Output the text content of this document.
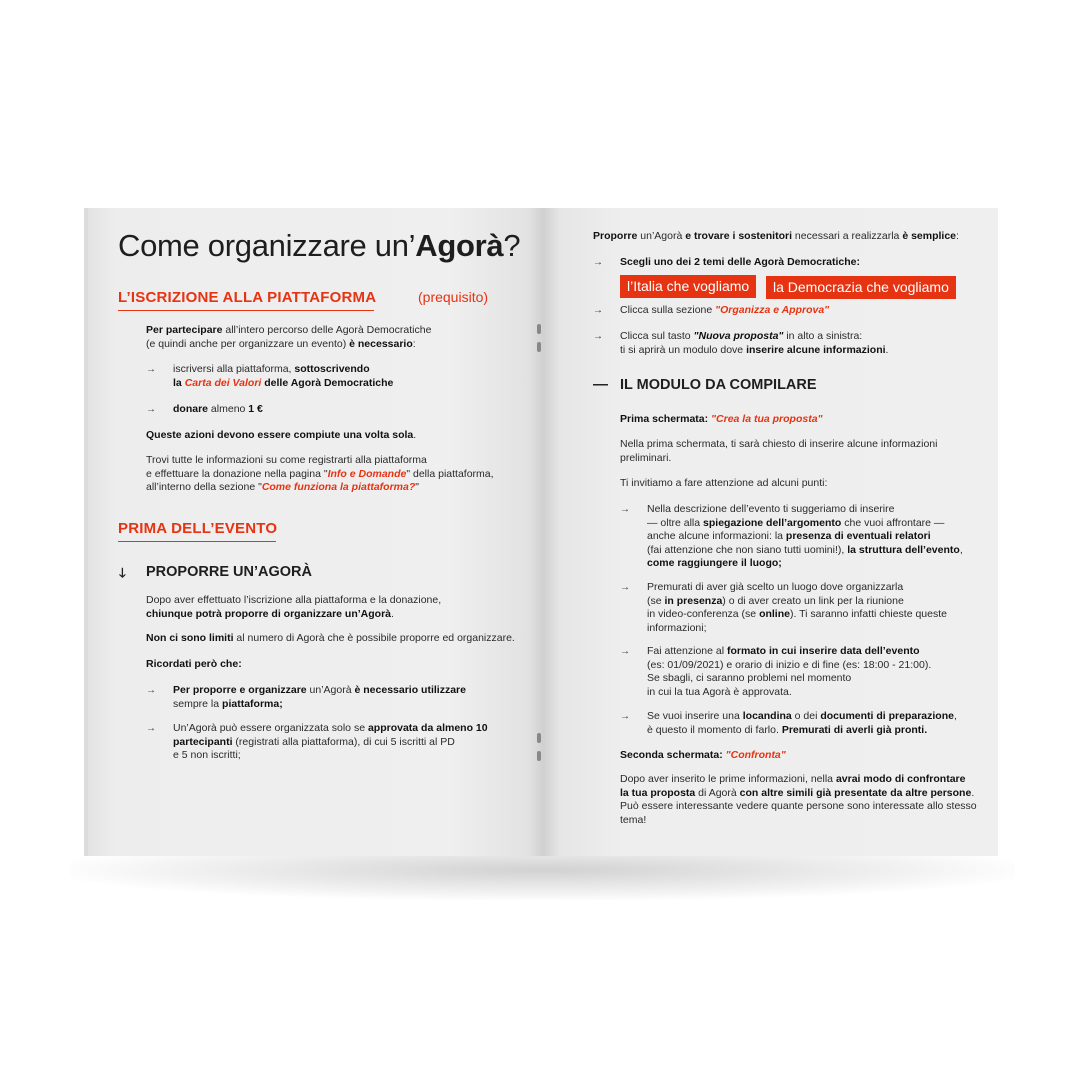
Come organizzare un’Agorà?
L’ISCRIZIONE ALLA PIATTAFORMA	(prequisito)
Per partecipare all’intero percorso delle Agorà Democratiche
(e quindi anche per organizzare un evento) è necessario:
→ iscriversi alla piattaforma, sottoscrivendo
la Carta dei Valori delle Agorà Democratiche
→ donare almeno 1 €
Queste azioni devono essere compiute una volta sola.
Trovi tutte le informazioni su come registrarti alla piattaforma
e effettuare la donazione nella pagina "Info e Domande" della piattaforma,
all’interno della sezione "Come funziona la piattaforma?"
PRIMA DELL’EVENTO
🡓 PROPORRE UN’AGORÀ
Dopo aver effettuato l’iscrizione alla piattaforma e la donazione,
chiunque potrà proporre di organizzare un’Agorà.
Non ci sono limiti al numero di Agorà che è possibile proporre ed organizzare.
Ricordati però che:
→ Per proporre e organizzare un’Agorà è necessario utilizzare
sempre la piattaforma;
→ Un’Agorà può essere organizzata solo se approvata da almeno 10
partecipanti (registrati alla piattaforma), di cui 5 iscritti al PD
e 5 non iscritti;
Proporre un’Agorà e trovare i sostenitori necessari a realizzarla è semplice:
→ Scegli uno dei 2 temi delle Agorà Democratiche:
l’Italia che vogliamo	la Democrazia che vogliamo
→ Clicca sulla sezione "Organizza e Approva"
→ Clicca sul tasto "Nuova proposta" in alto a sinistra:
ti si aprirà un modulo dove inserire alcune informazioni.
— IL MODULO DA COMPILARE
Prima schermata: "Crea la tua proposta"
Nella prima schermata, ti sarà chiesto di inserire alcune informazioni
preliminari.
Ti invitiamo a fare attenzione ad alcuni punti:
→ Nella descrizione dell’evento ti suggeriamo di inserire
— oltre alla spiegazione dell’argomento che vuoi affrontare —
anche alcune informazioni: la presenza di eventuali relatori
(fai attenzione che non siano tutti uomini!), la struttura dell’evento,
come raggiungere il luogo;
→ Premurati di aver già scelto un luogo dove organizzarla
(se in presenza) o di aver creato un link per la riunione
in video-conferenza (se online). Ti saranno infatti chieste queste
informazioni;
→ Fai attenzione al formato in cui inserire data dell’evento
(es: 01/09/2021) e orario di inizio e di fine (es: 18:00 - 21:00).
Se sbagli, ci saranno problemi nel momento
in cui la tua Agorà è approvata.
→ Se vuoi inserire una locandina o dei documenti di preparazione,
è questo il momento di farlo. Premurati di averli già pronti.
Seconda schermata: "Confronta"
Dopo aver inserito le prime informazioni, nella avrai modo di confrontare
la tua proposta di Agorà con altre simili già presentate da altre persone.
Può essere interessante vedere quante persone sono interessate allo stesso
tema!
